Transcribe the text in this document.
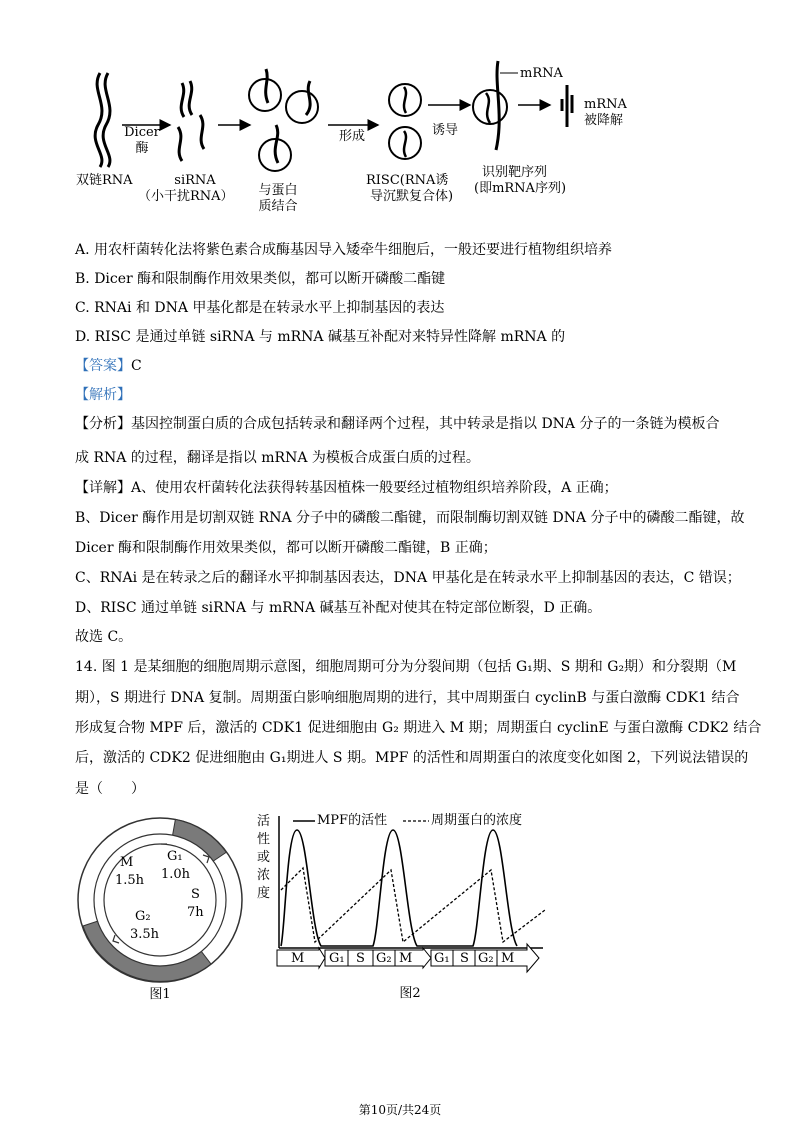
双链RNA
Dicer
酶
siRNA
（小干扰RNA）	与蛋白
质结合
形成	诱导
RISC(RNA诱
导沉默复合体)
识别靶序列
(即mRNA序列)
mRNA
mRNA
被降解
A. 用农杆菌转化法将紫色素合成酶基因导入矮牵牛细胞后，一般还要进行植物组织培养
B. Dicer 酶和限制酶作用效果类似，都可以断开磷酸二酯键
C. RNAi 和 DNA 甲基化都是在转录水平上抑制基因的表达
D. RISC 是通过单链 siRNA 与 mRNA 碱基互补配对来特异性降解 mRNA 的
【答案】C
【解析】
【分析】基因控制蛋白质的合成包括转录和翻译两个过程，其中转录是指以 DNA 分子的一条链为模板合
成 RNA 的过程，翻译是指以 mRNA 为模板合成蛋白质的过程。
【详解】A、使用农杆菌转化法获得转基因植株一般要经过植物组织培养阶段，A 正确；
B、Dicer 酶作用是切割双链 RNA 分子中的磷酸二酯键，而限制酶切割双链 DNA 分子中的磷酸二酯键，故
Dicer 酶和限制酶作用效果类似，都可以断开磷酸二酯键，B 正确；
C、RNAi 是在转录之后的翻译水平抑制基因表达，DNA 甲基化是在转录水平上抑制基因的表达，C 错误；
D、RISC 通过单链 siRNA 与 mRNA 碱基互补配对使其在特定部位断裂，D 正确。
故选 C。
14. 图 1 是某细胞的细胞周期示意图，细胞周期可分为分裂间期（包括 G₁期、S 期和 G₂期）和分裂期（M
期），S 期进行 DNA 复制。周期蛋白影响细胞周期的进行，其中周期蛋白 cyclinB 与蛋白激酶 CDK1 结合
形成复合物 MPF 后，激活的 CDK1 促进细胞由 G₂ 期进入 M 期；周期蛋白 cyclinE 与蛋白激酶 CDK2 结合
后，激活的 CDK2 促进细胞由 G₁期进人 S 期。MPF 的活性和周期蛋白的浓度变化如图 2，下列说法错误的
是（　　）
M
1.5h
G₁
1.0h
S
7h
G₂
3.5h
图1
活
性
或
浓
度
MPF的活性	周期蛋白的浓度
M G₁ S G₂ M G₁ S G₂ M
图2
第10页/共24页
